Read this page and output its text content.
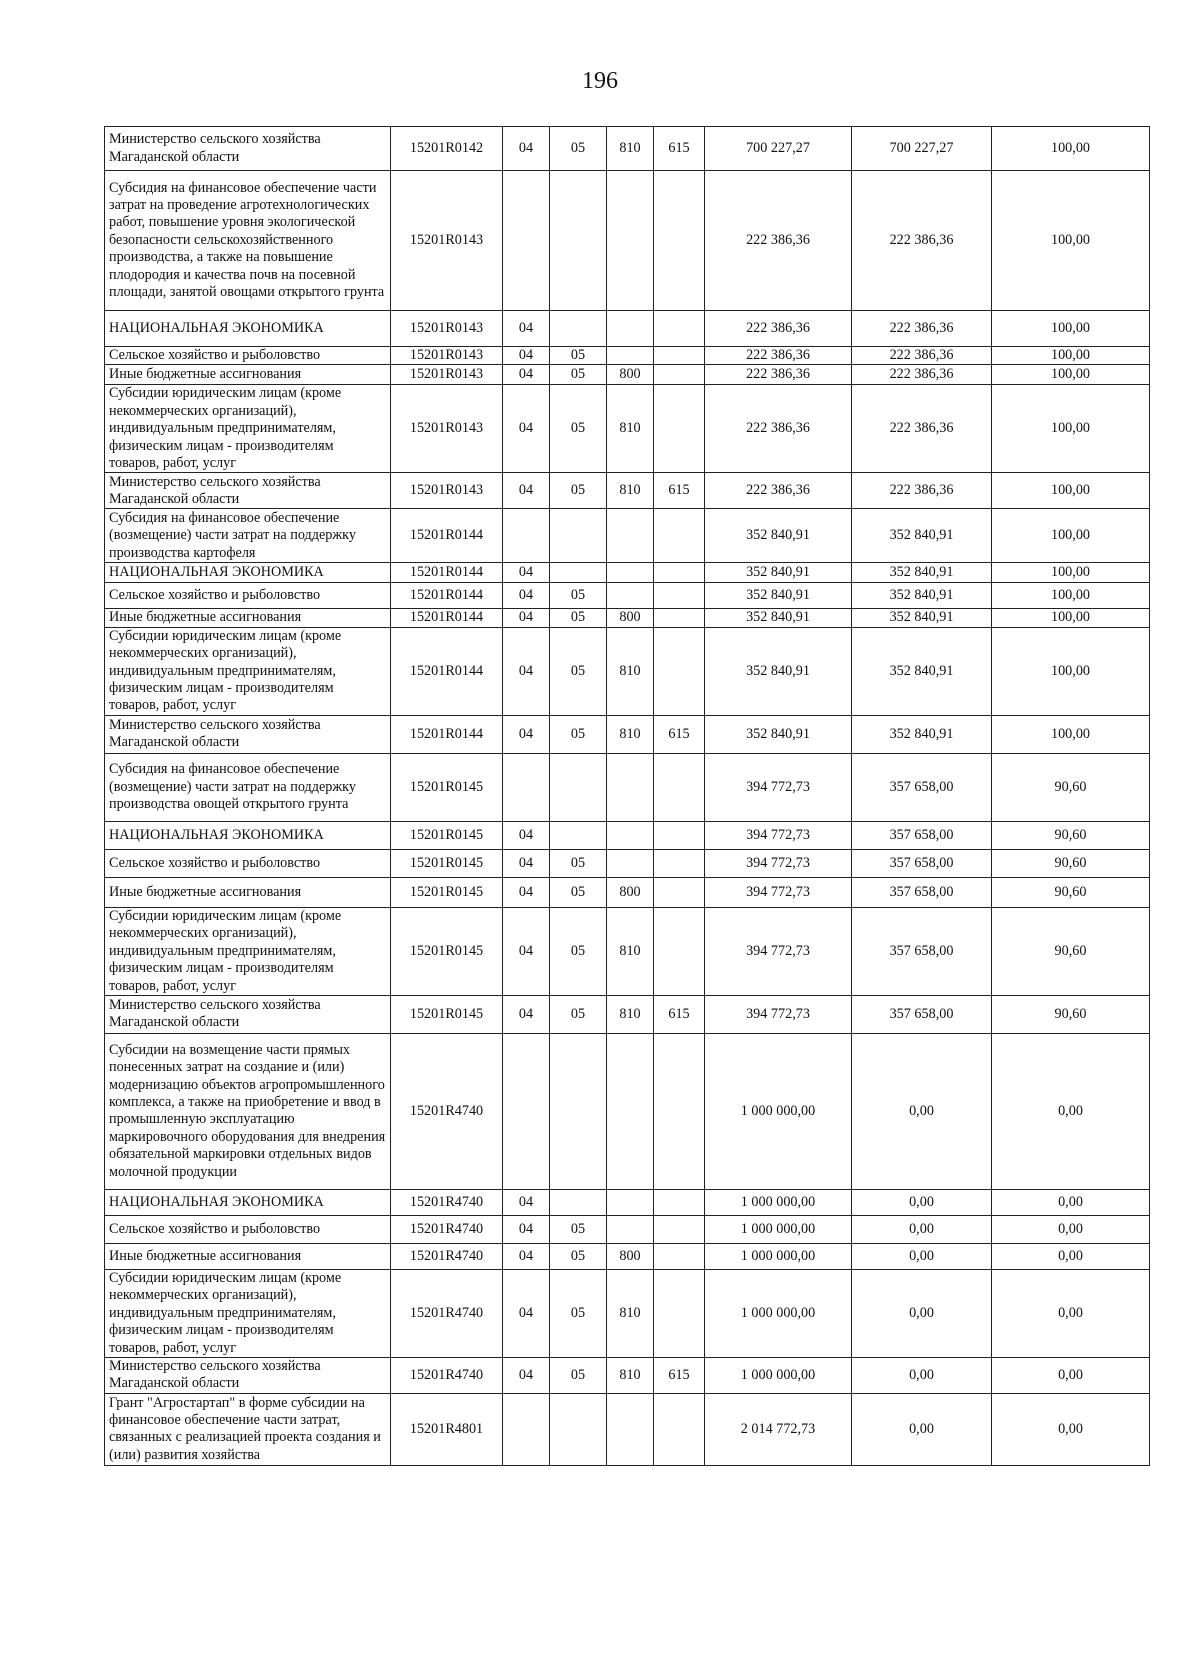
196
Министерство сельского хозяйства Магаданской области	15201R0142	04	05	810	615	700 227,27	700 227,27	100,00
Субсидия на финансовое обеспечение части затрат на проведение агротехнологических работ, повышение уровня экологической безопасности сельскохозяйственного производства, а также на повышение плодородия и качества почв на посевной площади, занятой овощами открытого грунта	15201R0143					222 386,36	222 386,36	100,00
НАЦИОНАЛЬНАЯ ЭКОНОМИКА	15201R0143	04				222 386,36	222 386,36	100,00
Сельское хозяйство и рыболовство	15201R0143	04	05			222 386,36	222 386,36	100,00
Иные бюджетные ассигнования	15201R0143	04	05	800		222 386,36	222 386,36	100,00
Субсидии юридическим лицам (кроме некоммерческих организаций), индивидуальным предпринимателям, физическим лицам - производителям товаров, работ, услуг	15201R0143	04	05	810		222 386,36	222 386,36	100,00
Министерство сельского хозяйства Магаданской области	15201R0143	04	05	810	615	222 386,36	222 386,36	100,00
Субсидия на финансовое обеспечение (возмещение) части затрат на поддержку производства картофеля	15201R0144					352 840,91	352 840,91	100,00
НАЦИОНАЛЬНАЯ ЭКОНОМИКА	15201R0144	04				352 840,91	352 840,91	100,00
Сельское хозяйство и рыболовство	15201R0144	04	05			352 840,91	352 840,91	100,00
Иные бюджетные ассигнования	15201R0144	04	05	800		352 840,91	352 840,91	100,00
Субсидии юридическим лицам (кроме некоммерческих организаций), индивидуальным предпринимателям, физическим лицам - производителям товаров, работ, услуг	15201R0144	04	05	810		352 840,91	352 840,91	100,00
Министерство сельского хозяйства Магаданской области	15201R0144	04	05	810	615	352 840,91	352 840,91	100,00
Субсидия на финансовое обеспечение (возмещение) части затрат на поддержку производства овощей открытого грунта	15201R0145					394 772,73	357 658,00	90,60
НАЦИОНАЛЬНАЯ ЭКОНОМИКА	15201R0145	04				394 772,73	357 658,00	90,60
Сельское хозяйство и рыболовство	15201R0145	04	05			394 772,73	357 658,00	90,60
Иные бюджетные ассигнования	15201R0145	04	05	800		394 772,73	357 658,00	90,60
Субсидии юридическим лицам (кроме некоммерческих организаций), индивидуальным предпринимателям, физическим лицам - производителям товаров, работ, услуг	15201R0145	04	05	810		394 772,73	357 658,00	90,60
Министерство сельского хозяйства Магаданской области	15201R0145	04	05	810	615	394 772,73	357 658,00	90,60
Субсидии на возмещение части прямых понесенных затрат на создание и (или) модернизацию объектов агропромышленного комплекса, а также на приобретение и ввод в промышленную эксплуатацию маркировочного оборудования для внедрения обязательной маркировки отдельных видов молочной продукции	15201R4740					1 000 000,00	0,00	0,00
НАЦИОНАЛЬНАЯ ЭКОНОМИКА	15201R4740	04				1 000 000,00	0,00	0,00
Сельское хозяйство и рыболовство	15201R4740	04	05			1 000 000,00	0,00	0,00
Иные бюджетные ассигнования	15201R4740	04	05	800		1 000 000,00	0,00	0,00
Субсидии юридическим лицам (кроме некоммерческих организаций), индивидуальным предпринимателям, физическим лицам - производителям товаров, работ, услуг	15201R4740	04	05	810		1 000 000,00	0,00	0,00
Министерство сельского хозяйства Магаданской области	15201R4740	04	05	810	615	1 000 000,00	0,00	0,00
Грант "Агростартап" в форме субсидии на финансовое обеспечение части затрат, связанных с реализацией проекта создания и (или) развития хозяйства	15201R4801					2 014 772,73	0,00	0,00
